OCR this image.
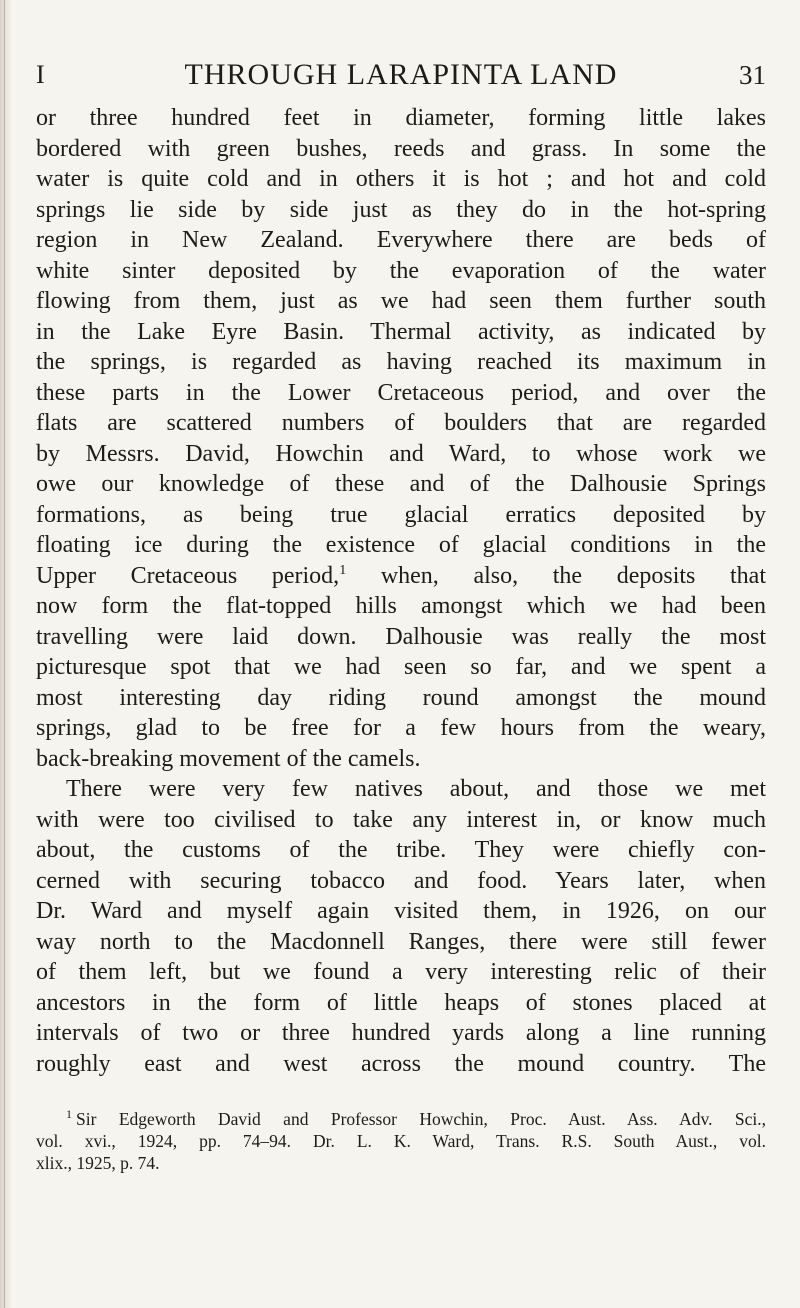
I	THROUGH LARAPINTA LAND	31
or three hundred feet in diameter, forming little lakes
bordered with green bushes, reeds and grass. In some the
water is quite cold and in others it is hot ; and hot and cold
springs lie side by side just as they do in the hot-spring
region in New Zealand. Everywhere there are beds of
white sinter deposited by the evaporation of the water
flowing from them, just as we had seen them further south
in the Lake Eyre Basin. Thermal activity, as indicated by
the springs, is regarded as having reached its maximum in
these parts in the Lower Cretaceous period, and over the
flats are scattered numbers of boulders that are regarded
by Messrs. David, Howchin and Ward, to whose work we
owe our knowledge of these and of the Dalhousie Springs
formations, as being true glacial erratics deposited by
floating ice during the existence of glacial conditions in the
Upper Cretaceous period,$^1$ when, also, the deposits that
now form the flat-topped hills amongst which we had been
travelling were laid down. Dalhousie was really the most
picturesque spot that we had seen so far, and we spent a
most interesting day riding round amongst the mound
springs, glad to be free for a few hours from the weary,
back-breaking movement of the camels.
There were very few natives about, and those we met
with were too civilised to take any interest in, or know much
about, the customs of the tribe. They were chiefly con-
cerned with securing tobacco and food. Years later, when
Dr. Ward and myself again visited them, in 1926, on our
way north to the Macdonnell Ranges, there were still fewer
of them left, but we found a very interesting relic of their
ancestors in the form of little heaps of stones placed at
intervals of two or three hundred yards along a line running
roughly east and west across the mound country. The
$^1$ Sir Edgeworth David and Professor Howchin, Proc. Aust. Ass. Adv. Sci.,
vol. xvi., 1924, pp. 74–94. Dr. L. K. Ward, Trans. R.S. South Aust., vol.
xlix., 1925, p. 74.
